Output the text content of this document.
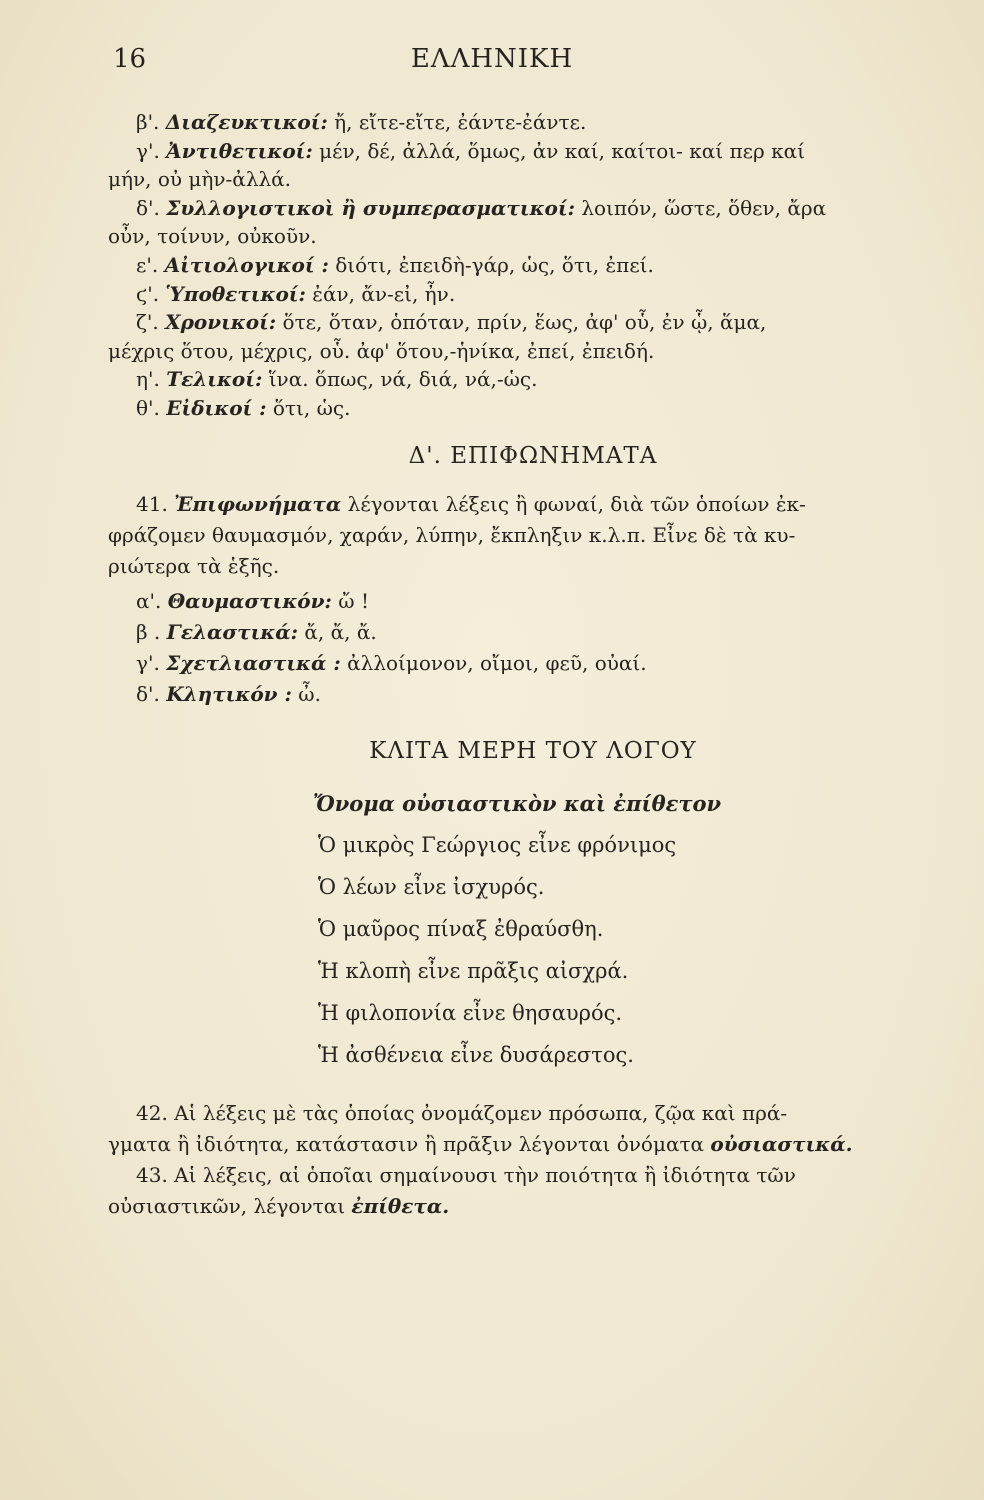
16	ΕΛΛΗΝΙΚΗ
β'. Διαζευκτικοί: ἤ, εἴτε-εἴτε, ἐάντε-ἐάντε.
γ'. Ἀντιθετικοί: μέν, δέ, ἀλλά, ὅμως, ἀν καί, καίτοι- καί περ καί
μήν, οὐ μὴν-ἀλλά.
δ'. Συλλογιστικοὶ ἢ συμπερασματικοί: λοιπόν, ὥστε, ὅθεν, ἄρα
οὖν, τοίνυν, οὐκοῦν.
ε'. Αἰτιολογικοί : διότι, ἐπειδὴ-γάρ, ὡς, ὅτι, ἐπεί.
ϛ'. Ὑποθετικοί: ἐάν, ἄν-εἰ, ἦν.
ζ'. Χρονικοί: ὅτε, ὅταν, ὁπόταν, πρίν, ἕως, ἀφ' οὗ, ἐν ᾧ, ἅμα,
μέχρις ὅτου, μέχρις, οὗ. ἀφ' ὅτου,-ἡνίκα, ἐπεί, ἐπειδή.
η'. Τελικοί: ἵνα. ὅπως, νά, διά, νά,-ὡς.
θ'. Εἰδικοί : ὅτι, ὡς.
Δ'. ΕΠΙΦΩΝΗΜΑΤΑ
41. Ἐπιφωνήματα λέγονται λέξεις ἢ φωναί, διὰ τῶν ὁποίων ἐκ-
φράζομεν θαυμασμόν, χαράν, λύπην, ἔκπληξιν κ.λ.π. Εἶνε δὲ τὰ κυ-
ριώτερα τὰ ἑξῆς.
α'. Θαυμαστικόν: ὤ !
β . Γελαστικά: ἄ, ἄ, ἄ.
γ'. Σχετλιαστικά : ἀλλοίμονον, οἴμοι, φεῦ, οὐαί.
δ'. Κλητικόν : ὦ.
ΚΛΙΤΑ ΜΕΡΗ ΤΟΥ ΛΟΓΟΥ
Ὄνομα οὐσιαστικὸν καὶ ἐπίθετον
Ὁ μικρὸς Γεώργιος εἶνε φρόνιμος
Ὁ λέων εἶνε ἰσχυρός.
Ὁ μαῦρος πίναξ ἐθραύσθη.
Ἡ κλοπὴ εἶνε πρᾶξις αἰσχρά.
Ἡ φιλοπονία εἶνε θησαυρός.
Ἡ ἀσθένεια εἶνε δυσάρεστος.
42. Αἱ λέξεις μὲ τὰς ὁποίας ὀνομάζομεν πρόσωπα, ζῷα καὶ πρά-
γματα ἢ ἰδιότητα, κατάστασιν ἢ πρᾶξιν λέγονται ὀνόματα οὐσιαστικά.
43. Αἱ λέξεις, αἱ ὁποῖαι σημαίνουσι τὴν ποιότητα ἢ ἰδιότητα τῶν
οὐσιαστικῶν, λέγονται ἐπίθετα.
